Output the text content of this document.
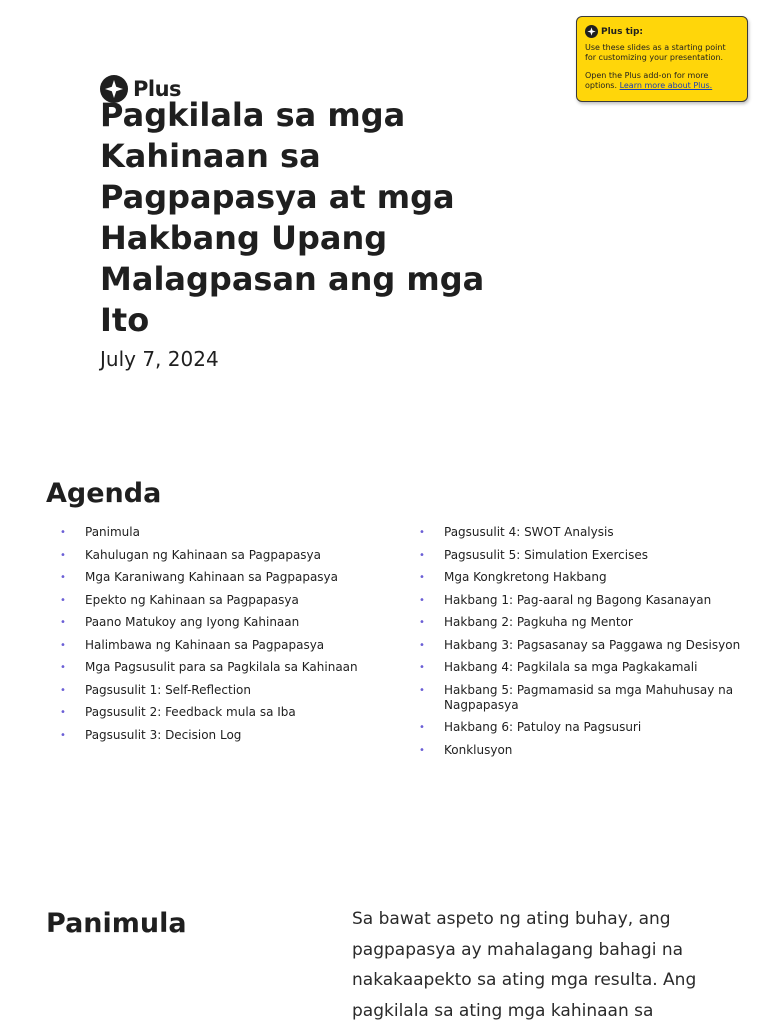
Plus
Pagkilala sa mga
Kahinaan sa
Pagpapasya at mga
Hakbang Upang
Malagpasan ang mga
Ito
July 7, 2024
Plus tip:

Use these slides as a starting point

for customizing your presentation.

Open the Plus add-on for more

options. Learn more about Plus.

Agenda
• Panimula
• Kahulugan ng Kahinaan sa Pagpapasya
• Mga Karaniwang Kahinaan sa Pagpapasya
• Epekto ng Kahinaan sa Pagpapasya
• Paano Matukoy ang Iyong Kahinaan
• Halimbawa ng Kahinaan sa Pagpapasya
• Mga Pagsusulit para sa Pagkilala sa Kahinaan
• Pagsusulit 1: Self-Reflection
• Pagsusulit 2: Feedback mula sa Iba
• Pagsusulit 3: Decision Log
• Pagsusulit 4: SWOT Analysis
• Pagsusulit 5: Simulation Exercises
• Mga Kongkretong Hakbang
• Hakbang 1: Pag-aaral ng Bagong Kasanayan
• Hakbang 2: Pagkuha ng Mentor
• Hakbang 3: Pagsasanay sa Paggawa ng Desisyon
• Hakbang 4: Pagkilala sa mga Pagkakamali
• Hakbang 5: Pagmamasid sa mga Mahuhusay na Nagpapasya
• Hakbang 6: Patuloy na Pagsusuri
• Konklusyon
Panimula	Sa bawat aspeto ng ating buhay, ang
pagpapasya ay mahalagang bahagi na
nakakaapekto sa ating mga resulta. Ang
pagkilala sa ating mga kahinaan sa
